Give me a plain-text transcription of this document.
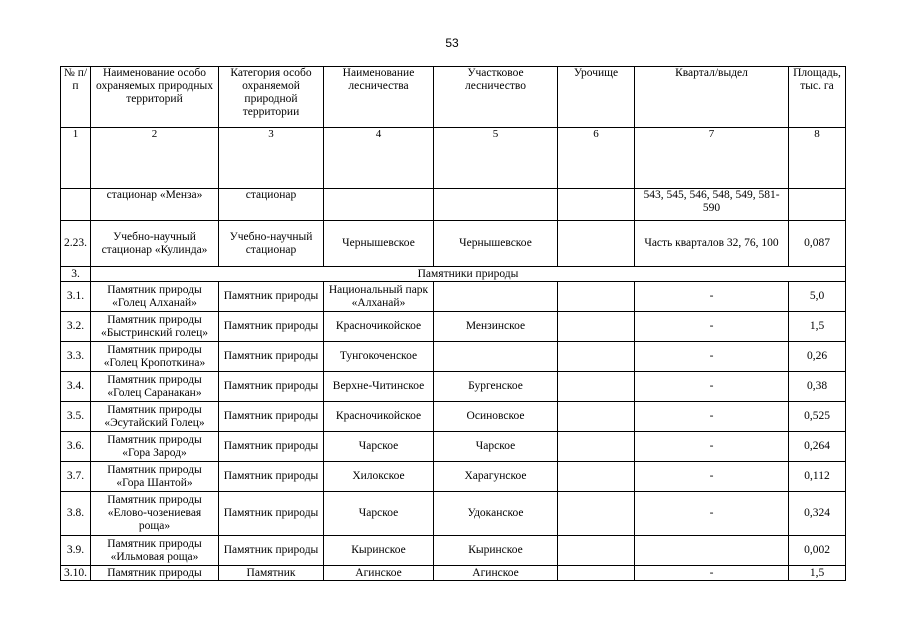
53
№ п/п	Наименование особо охраняемых природных территорий	Категория особо охраняемой природной территории	Наименование лесничества	Участковое лесничество	Урочище	Квартал/выдел	Площадь, тыс. га
1	2	3	4	5	6	7	8
	стационар «Менза»	стационар				543, 545, 546, 548, 549, 581-590	
2.23.	Учебно-научный стационар «Кулинда»	Учебно-научный стационар	Чернышевское	Чернышевское		Часть кварталов 32, 76, 100	0,087
3.	Памятники природы						
3.1.	Памятник природы «Голец Алханай»	Памятник природы	Национальный парк «Алханай»			-	5,0
3.2.	Памятник природы «Быстринский голец»	Памятник природы	Красночикойское	Мензинское		-	1,5
3.3.	Памятник природы «Голец Кропоткина»	Памятник природы	Тунгокоченское			-	0,26
3.4.	Памятник природы «Голец Саранакан»	Памятник природы	Верхне-Читинское	Бургенское		-	0,38
3.5.	Памятник природы «Эсутайский Голец»	Памятник природы	Красночикойское	Осиновское		-	0,525
3.6.	Памятник природы «Гора Зарод»	Памятник природы	Чарское	Чарское		-	0,264
3.7.	Памятник природы «Гора Шантой»	Памятник природы	Хилокское	Харагунское		-	0,112
3.8.	Памятник природы «Елово-чозениевая роща»	Памятник природы	Чарское	Удоканское		-	0,324
3.9.	Памятник природы «Ильмовая роща»	Памятник природы	Кыринское	Кыринское			0,002
3.10.	Памятник природы	Памятник	Агинское	Агинское		-	1,5
